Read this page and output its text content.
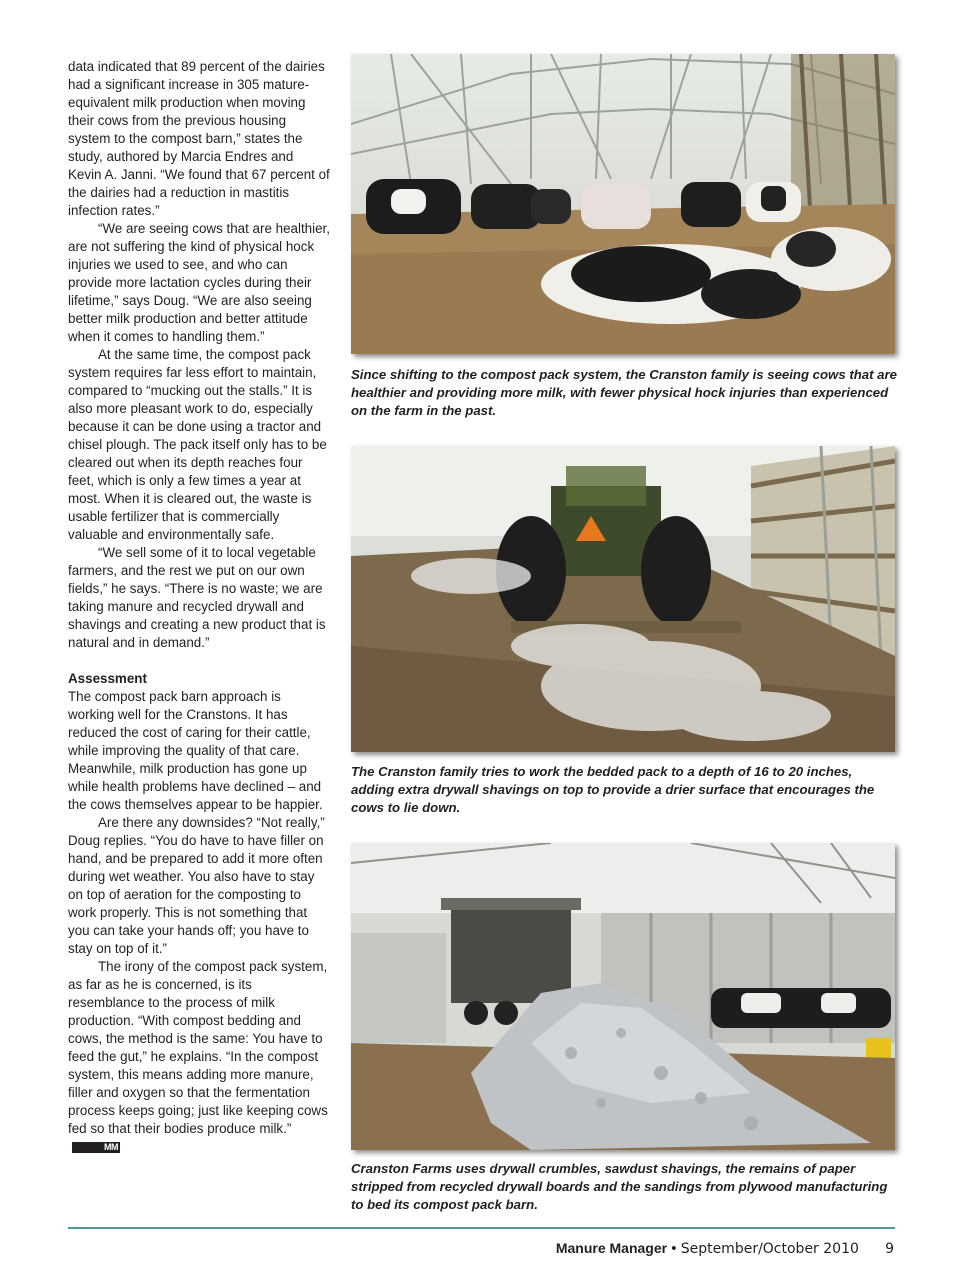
data indicated that 89 percent of the dairies had a significant increase in 305 mature-equivalent milk production when moving their cows from the previous housing system to the compost barn,” states the study, authored by Marcia Endres and Kevin A. Janni. “We found that 67 percent of the dairies had a reduction in mastitis infection rates.”

“We are seeing cows that are healthier, are not suffering the kind of physical hock injuries we used to see, and who can provide more lactation cycles during their lifetime,” says Doug. “We are also seeing better milk production and better attitude when it comes to handling them.”

At the same time, the compost pack system requires far less effort to maintain, compared to “mucking out the stalls.” It is also more pleasant work to do, especially because it can be done using a tractor and chisel plough. The pack itself only has to be cleared out when its depth reaches four feet, which is only a few times a year at most. When it is cleared out, the waste is usable fertilizer that is commercially valuable and environmentally safe.

“We sell some of it to local vegetable farmers, and the rest we put on our own fields,” he says. “There is no waste; we are taking manure and recycled drywall and shavings and creating a new product that is natural and in demand.”

Assessment

The compost pack barn approach is working well for the Cranstons. It has reduced the cost of caring for their cattle, while improving the quality of that care. Meanwhile, milk production has gone up while health problems have declined – and the cows themselves appear to be happier.

Are there any downsides? “Not really,” Doug replies. “You do have to have filler on hand, and be prepared to add it more often during wet weather. You also have to stay on top of aeration for the composting to work properly. This is not something that you can take your hands off; you have to stay on top of it.”

The irony of the compost pack system, as far as he is concerned, is its resemblance to the process of milk production. “With compost bedding and cows, the method is the same: You have to feed the gut,” he explains. “In the compost system, this means adding more manure, filler and oxygen so that the fermentation process keeps going; just like keeping cows fed so that their bodies produce milk.”MM

Since shifting to the compost pack system, the Cranston family is seeing cows that are healthier and providing more milk, with fewer physical hock injuries than experienced on the farm in the past.
The Cranston family tries to work the bedded pack to a depth of 16 to 20 inches, adding extra drywall shavings on top to provide a drier surface that encourages the cows to lie down.
Cranston Farms uses drywall crumbles, sawdust shavings, the remains of paper stripped from recycled drywall boards and the sandings from plywood manufacturing to bed its compost pack barn.
Manure Manager • September/October 2010 9
